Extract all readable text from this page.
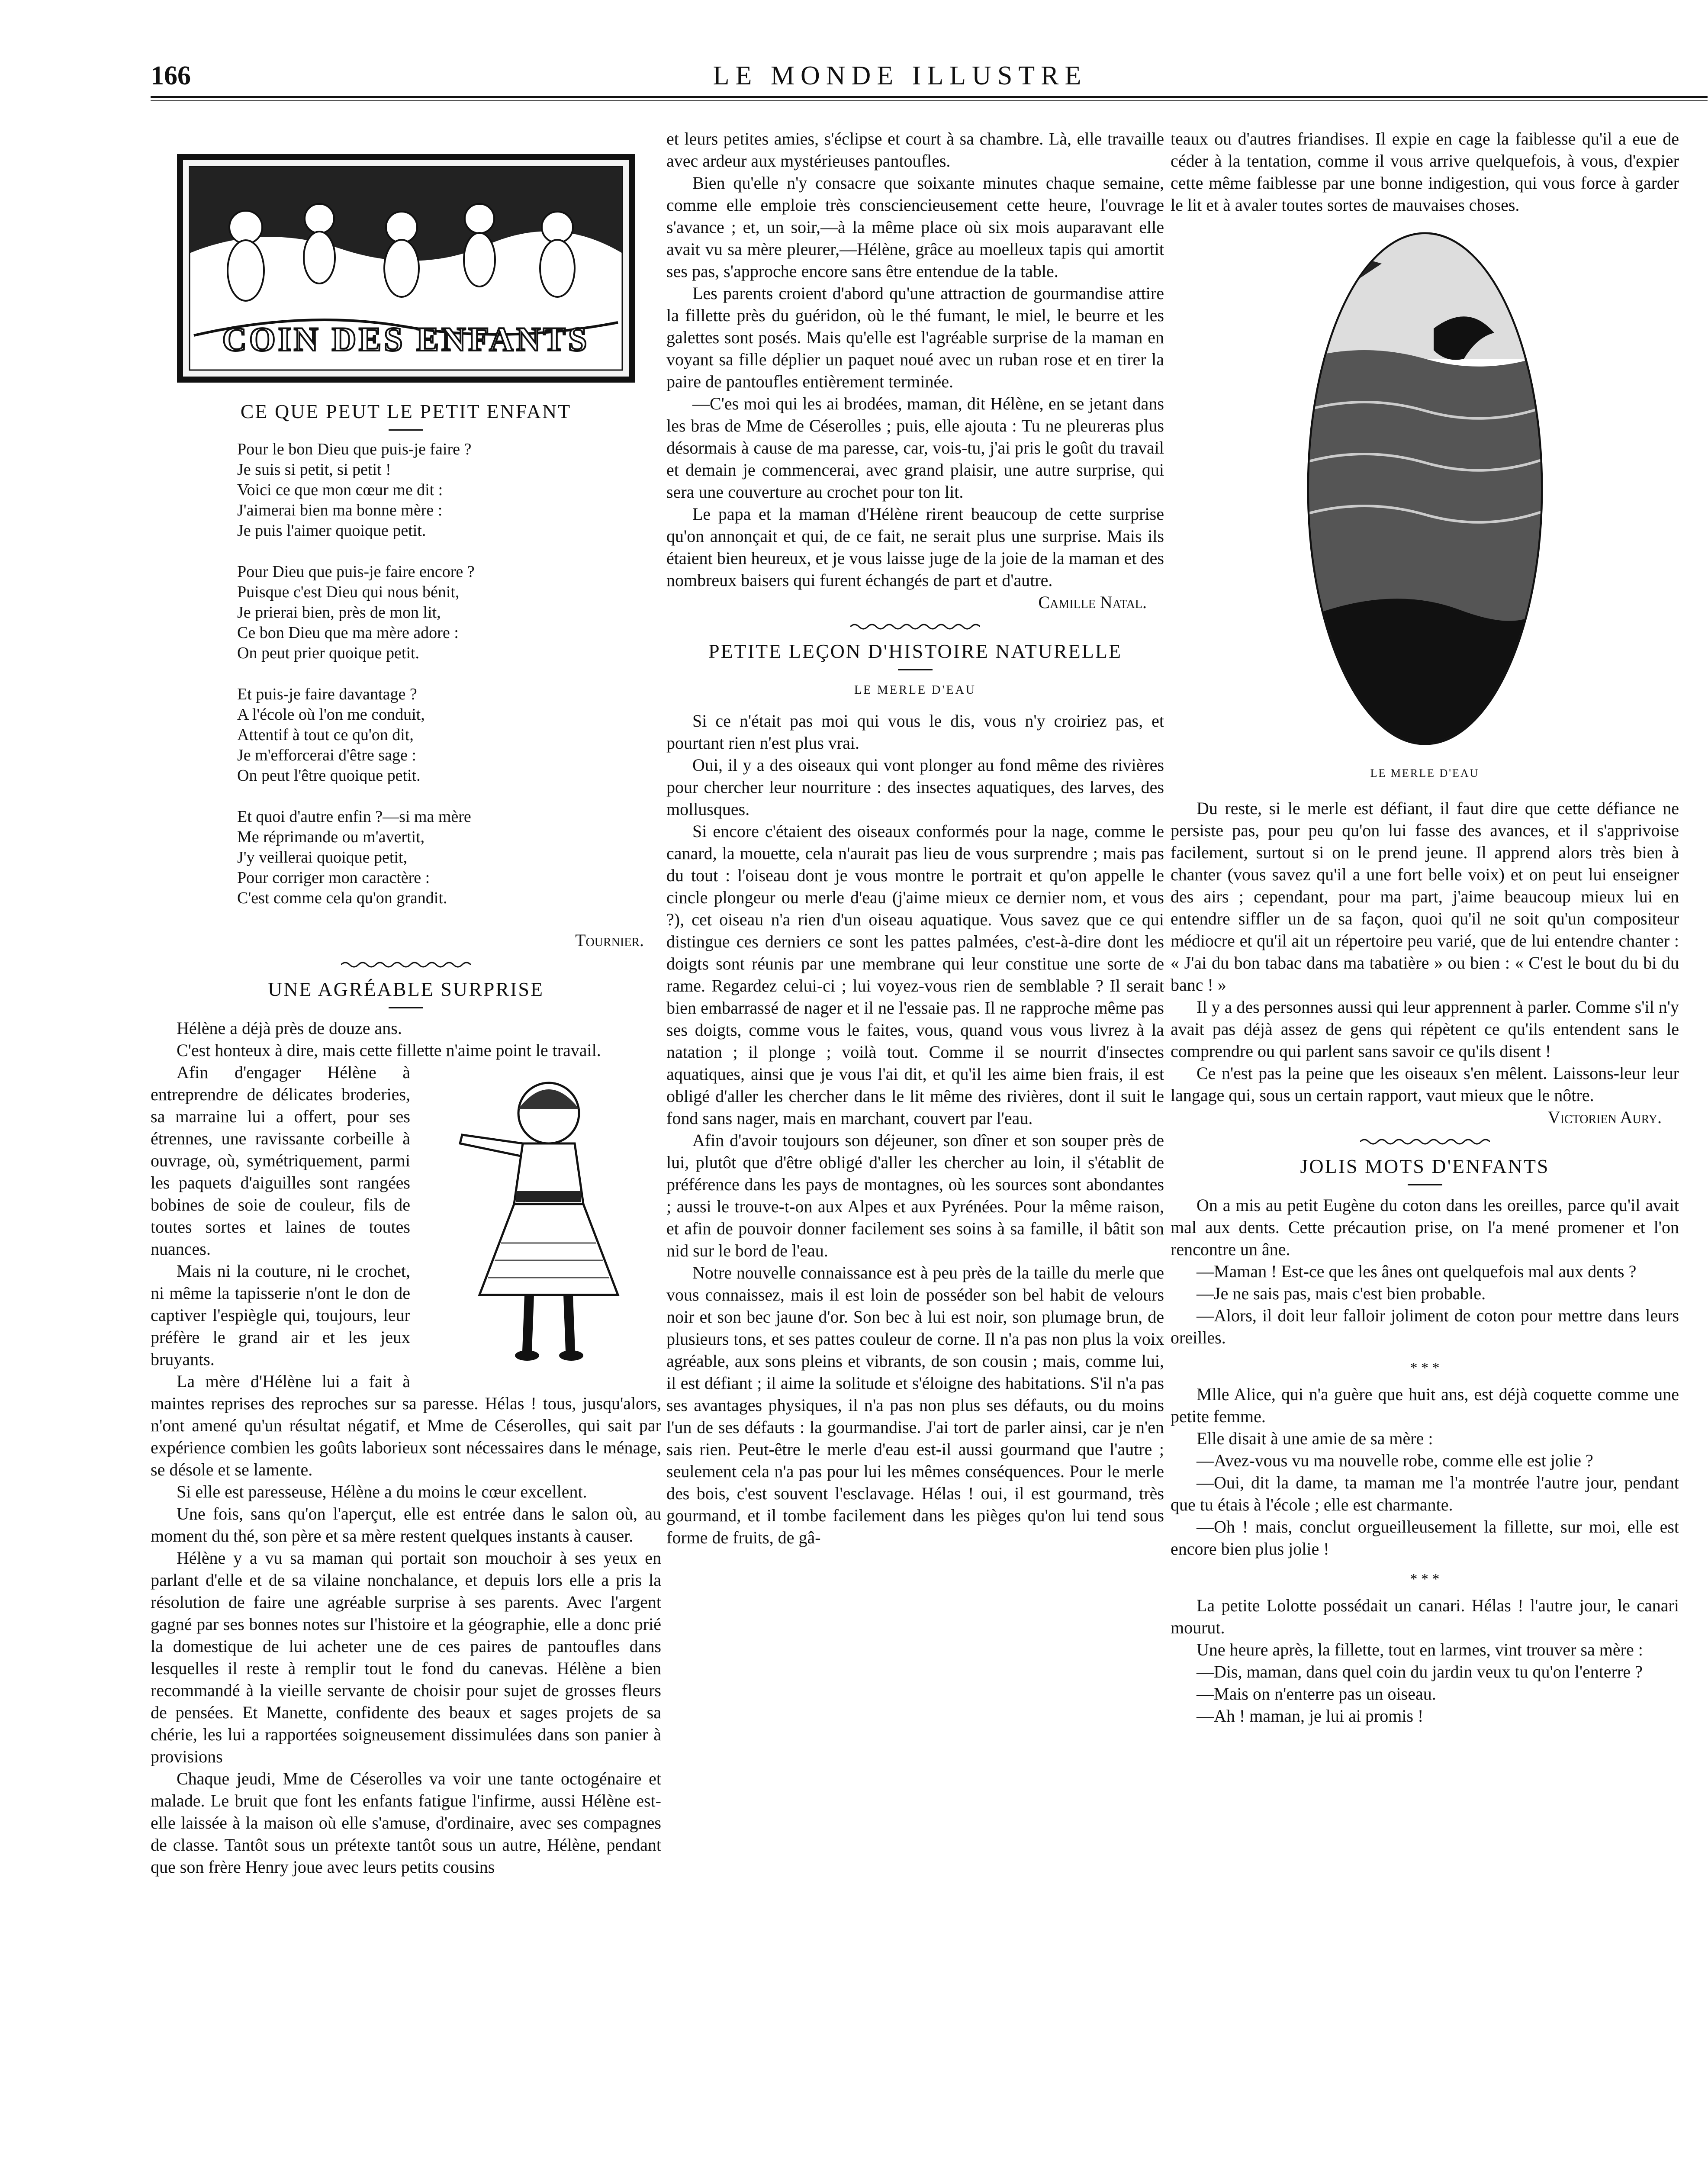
166	LE MONDE ILLUSTRE
COIN DES ENFANTS

CE QUE PEUT LE PETIT ENFANT

Pour le bon Dieu que puis-je faire ?
Je suis si petit, si petit !
Voici ce que mon cœur me dit :
J'aimerai bien ma bonne mère :
Je puis l'aimer quoique petit.
Pour Dieu que puis-je faire encore ?
Puisque c'est Dieu qui nous bénit,
Je prierai bien, près de mon lit,
Ce bon Dieu que ma mère adore :
On peut prier quoique petit.
Et puis-je faire davantage ?
A l'école où l'on me conduit,
Attentif à tout ce qu'on dit,
Je m'efforcerai d'être sage :
On peut l'être quoique petit.
Et quoi d'autre enfin ?—si ma mère
Me réprimande ou m'avertit,
J'y veillerai quoique petit,
Pour corriger mon caractère :
C'est comme cela qu'on grandit.
Tournier.

UNE AGRÉABLE SURPRISE

Hélène a déjà près de douze ans.

C'est honteux à dire, mais cette fillette n'aime point le travail.

Afin d'engager Hélène à entreprendre de délicates broderies, sa marraine lui a offert, pour ses étrennes, une ravissante corbeille à ouvrage, où, symétriquement, parmi les paquets d'aiguilles sont rangées bobines de soie de couleur, fils de toutes sortes et laines de toutes nuances.

Mais ni la couture, ni le crochet, ni même la tapisserie n'ont le don de captiver l'espiègle qui, toujours, leur préfère le grand air et les jeux bruyants.

La mère d'Hélène lui a fait à maintes reprises des reproches sur sa paresse. Hélas ! tous, jusqu'alors, n'ont amené qu'un résultat négatif, et Mme de Céserolles, qui sait par expérience combien les goûts laborieux sont nécessaires dans le ménage, se désole et se lamente.

Si elle est paresseuse, Hélène a du moins le cœur excellent.

Une fois, sans qu'on l'aperçut, elle est entrée dans le salon où, au moment du thé, son père et sa mère restent quelques instants à causer.

Hélène y a vu sa maman qui portait son mouchoir à ses yeux en parlant d'elle et de sa vilaine nonchalance, et depuis lors elle a pris la résolution de faire une agréable surprise à ses parents. Avec l'argent gagné par ses bonnes notes sur l'histoire et la géographie, elle a donc prié la domestique de lui acheter une de ces paires de pantoufles dans lesquelles il reste à remplir tout le fond du canevas. Hélène a bien recommandé à la vieille servante de choisir pour sujet de grosses fleurs de pensées. Et Manette, confidente des beaux et sages projets de sa chérie, les lui a rapportées soigneusement dissimulées dans son panier à provisions

Chaque jeudi, Mme de Céserolles va voir une tante octogénaire et malade. Le bruit que font les enfants fatigue l'infirme, aussi Hélène est-elle laissée à la maison où elle s'amuse, d'ordinaire, avec ses compagnes de classe. Tantôt sous un prétexte tantôt sous un autre, Hélène, pendant que son frère Henry joue avec leurs petits cousins

et leurs petites amies, s'éclipse et court à sa chambre. Là, elle travaille avec ardeur aux mystérieuses pantoufles.

Bien qu'elle n'y consacre que soixante minutes chaque semaine, comme elle emploie très consciencieusement cette heure, l'ouvrage s'avance ; et, un soir,—à la même place où six mois auparavant elle avait vu sa mère pleurer,—Hélène, grâce au moelleux tapis qui amortit ses pas, s'approche encore sans être entendue de la table.

Les parents croient d'abord qu'une attraction de gourmandise attire la fillette près du guéridon, où le thé fumant, le miel, le beurre et les galettes sont posés. Mais qu'elle est l'agréable surprise de la maman en voyant sa fille déplier un paquet noué avec un ruban rose et en tirer la paire de pantoufles entièrement terminée.

—C'es moi qui les ai brodées, maman, dit Hélène, en se jetant dans les bras de Mme de Céserolles ; puis, elle ajouta : Tu ne pleureras plus désormais à cause de ma paresse, car, vois-tu, j'ai pris le goût du travail et demain je commencerai, avec grand plaisir, une autre surprise, qui sera une couverture au crochet pour ton lit.

Le papa et la maman d'Hélène rirent beaucoup de cette surprise qu'on annonçait et qui, de ce fait, ne serait plus une surprise. Mais ils étaient bien heureux, et je vous laisse juge de la joie de la maman et des nombreux baisers qui furent échangés de part et d'autre.

Camille Natal.

PETITE LEÇON D'HISTOIRE NATURELLE

LE MERLE D'EAU

Si ce n'était pas moi qui vous le dis, vous n'y croiriez pas, et pourtant rien n'est plus vrai.

Oui, il y a des oiseaux qui vont plonger au fond même des rivières pour chercher leur nourriture : des insectes aquatiques, des larves, des mollusques.

Si encore c'étaient des oiseaux conformés pour la nage, comme le canard, la mouette, cela n'aurait pas lieu de vous surprendre ; mais pas du tout : l'oiseau dont je vous montre le portrait et qu'on appelle le cincle plongeur ou merle d'eau (j'aime mieux ce dernier nom, et vous ?), cet oiseau n'a rien d'un oiseau aquatique. Vous savez que ce qui distingue ces derniers ce sont les pattes palmées, c'est-à-dire dont les doigts sont réunis par une membrane qui leur constitue une sorte de rame. Regardez celui-ci ; lui voyez-vous rien de semblable ? Il serait bien embarrassé de nager et il ne l'essaie pas. Il ne rapproche même pas ses doigts, comme vous le faites, vous, quand vous vous livrez à la natation ; il plonge ; voilà tout. Comme il se nourrit d'insectes aquatiques, ainsi que je vous l'ai dit, et qu'il les aime bien frais, il est obligé d'aller les chercher dans le lit même des rivières, dont il suit le fond sans nager, mais en marchant, couvert par l'eau.

Afin d'avoir toujours son déjeuner, son dîner et son souper près de lui, plutôt que d'être obligé d'aller les chercher au loin, il s'établit de préférence dans les pays de montagnes, où les sources sont abondantes ; aussi le trouve-t-on aux Alpes et aux Pyrénées. Pour la même raison, et afin de pouvoir donner facilement ses soins à sa famille, il bâtit son nid sur le bord de l'eau.

Notre nouvelle connaissance est à peu près de la taille du merle que vous connaissez, mais il est loin de posséder son bel habit de velours noir et son bec jaune d'or. Son bec à lui est noir, son plumage brun, de plusieurs tons, et ses pattes couleur de corne. Il n'a pas non plus la voix agréable, aux sons pleins et vibrants, de son cousin ; mais, comme lui, il est défiant ; il aime la solitude et s'éloigne des habitations. S'il n'a pas ses avantages physiques, il n'a pas non plus ses défauts, ou du moins l'un de ses défauts : la gourmandise. J'ai tort de parler ainsi, car je n'en sais rien. Peut-être le merle d'eau est-il aussi gourmand que l'autre ; seulement cela n'a pas pour lui les mêmes conséquences. Pour le merle des bois, c'est souvent l'esclavage. Hélas ! oui, il est gourmand, très gourmand, et il tombe facilement dans les pièges qu'on lui tend sous forme de fruits, de gâ-

teaux ou d'autres friandises. Il expie en cage la faiblesse qu'il a eue de céder à la tentation, comme il vous arrive quelquefois, à vous, d'expier cette même faiblesse par une bonne indigestion, qui vous force à garder le lit et à avaler toutes sortes de mauvaises choses.

LE MERLE D'EAU

Du reste, si le merle est défiant, il faut dire que cette défiance ne persiste pas, pour peu qu'on lui fasse des avances, et il s'apprivoise facilement, surtout si on le prend jeune. Il apprend alors très bien à chanter (vous savez qu'il a une fort belle voix) et on peut lui enseigner des airs ; cependant, pour ma part, j'aime beaucoup mieux lui en entendre siffler un de sa façon, quoi qu'il ne soit qu'un compositeur médiocre et qu'il ait un répertoire peu varié, que de lui entendre chanter : « J'ai du bon tabac dans ma tabatière » ou bien : « C'est le bout du bi du banc ! »

Il y a des personnes aussi qui leur apprennent à parler. Comme s'il n'y avait pas déjà assez de gens qui répètent ce qu'ils entendent sans le comprendre ou qui parlent sans savoir ce qu'ils disent !

Ce n'est pas la peine que les oiseaux s'en mêlent. Laissons-leur leur langage qui, sous un certain rapport, vaut mieux que le nôtre.

Victorien Aury.

JOLIS MOTS D'ENFANTS

On a mis au petit Eugène du coton dans les oreilles, parce qu'il avait mal aux dents. Cette précaution prise, on l'a mené promener et l'on rencontre un âne.

—Maman ! Est-ce que les ânes ont quelquefois mal aux dents ?

—Je ne sais pas, mais c'est bien probable.

—Alors, il doit leur falloir joliment de coton pour mettre dans leurs oreilles.

* * *

Mlle Alice, qui n'a guère que huit ans, est déjà coquette comme une petite femme.

Elle disait à une amie de sa mère :

—Avez-vous vu ma nouvelle robe, comme elle est jolie ?

—Oui, dit la dame, ta maman me l'a montrée l'autre jour, pendant que tu étais à l'école ; elle est charmante.

—Oh ! mais, conclut orgueilleusement la fillette, sur moi, elle est encore bien plus jolie !

* * *

La petite Lolotte possédait un canari. Hélas ! l'autre jour, le canari mourut.

Une heure après, la fillette, tout en larmes, vint trouver sa mère :

—Dis, maman, dans quel coin du jardin veux tu qu'on l'enterre ?

—Mais on n'enterre pas un oiseau.

—Ah ! maman, je lui ai promis !
